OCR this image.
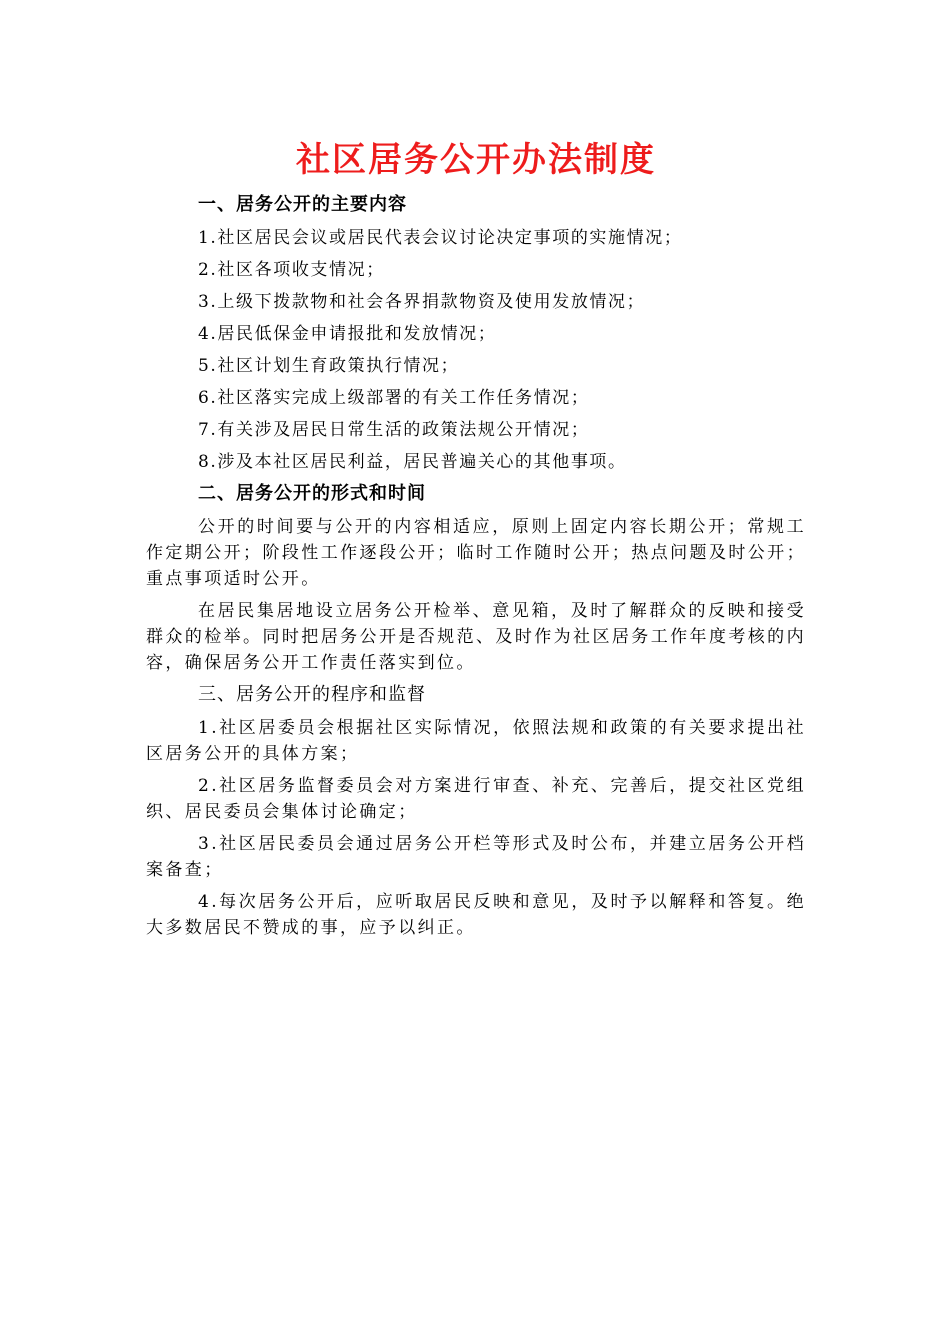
社区居务公开办法制度
一、居务公开的主要内容
1.社区居民会议或居民代表会议讨论决定事项的实施情况；
2.社区各项收支情况；
3.上级下拨款物和社会各界捐款物资及使用发放情况；
4.居民低保金申请报批和发放情况；
5.社区计划生育政策执行情况；
6.社区落实完成上级部署的有关工作任务情况；
7.有关涉及居民日常生活的政策法规公开情况；
8.涉及本社区居民利益，居民普遍关心的其他事项。
二、居务公开的形式和时间
公开的时间要与公开的内容相适应，原则上固定内容长期公开；常规工作定期公开；阶段性工作逐段公开；临时工作随时公开；热点问题及时公开；重点事项适时公开。
在居民集居地设立居务公开检举、意见箱，及时了解群众的反映和接受群众的检举。同时把居务公开是否规范、及时作为社区居务工作年度考核的内容，确保居务公开工作责任落实到位。
三、居务公开的程序和监督
1.社区居委员会根据社区实际情况，依照法规和政策的有关要求提出社区居务公开的具体方案；
2.社区居务监督委员会对方案进行审查、补充、完善后，提交社区党组织、居民委员会集体讨论确定；
3.社区居民委员会通过居务公开栏等形式及时公布，并建立居务公开档案备查；
4.每次居务公开后，应听取居民反映和意见，及时予以解释和答复。绝大多数居民不赞成的事，应予以纠正。
